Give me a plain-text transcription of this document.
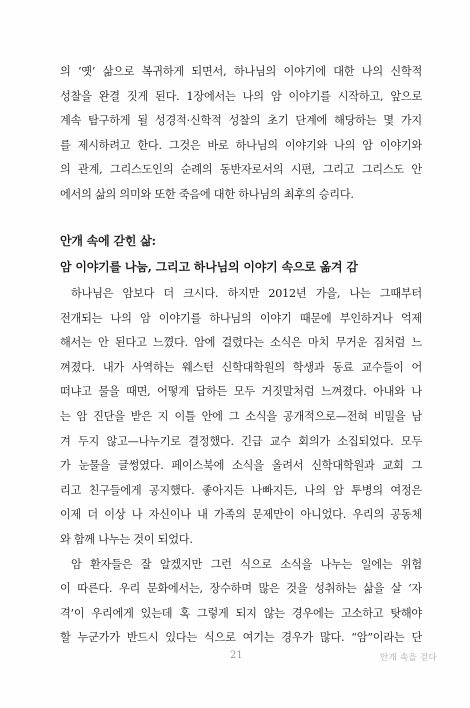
의 ‘옛’ 삶으로 복귀하게 되면서, 하나님의 이야기에 대한 나의 신학적
성찰을 완결 짓게 된다. 1장에서는 나의 암 이야기를 시작하고, 앞으로
계속 탐구하게 될 성경적·신학적 성찰의 초기 단계에 해당하는 몇 가지
를 제시하려고 한다. 그것은 바로 하나님의 이야기와 나의 암 이야기와
의 관계, 그리스도인의 순례의 동반자로서의 시편, 그리고 그리스도 안
에서의 삶의 의미와 또한 죽음에 대한 하나님의 최후의 승리다.
안개 속에 갇힌 삶:
암 이야기를 나눔, 그리고 하나님의 이야기 속으로 옮겨 감
하나님은 암보다 더 크시다. 하지만 2012년 가을, 나는 그때부터
전개되는 나의 암 이야기를 하나님의 이야기 때문에 부인하거나 억제
해서는 안 된다고 느꼈다. 암에 걸렸다는 소식은 마치 무거운 짐처럼 느
껴졌다. 내가 사역하는 웨스턴 신학대학원의 학생과 동료 교수들이 어
떠냐고 물을 때면, 어떻게 답하든 모두 거짓말처럼 느껴졌다. 아내와 나
는 암 진단을 받은 지 이틀 안에 그 소식을 공개적으로—전혀 비밀을 남
겨 두지 않고—나누기로 결정했다. 긴급 교수 회의가 소집되었다. 모두
가 눈물을 글썽였다. 페이스북에 소식을 올려서 신학대학원과 교회 그
리고 친구들에게 공지했다. 좋아지든 나빠지든, 나의 암 투병의 여정은
이제 더 이상 나 자신이나 내 가족의 문제만이 아니었다. 우리의 공동체
와 함께 나누는 것이 되었다.
암 환자들은 잘 알겠지만 그런 식으로 소식을 나누는 일에는 위험
이 따른다. 우리 문화에서는, 장수하며 많은 것을 성취하는 삶을 살 ‘자
격’이 우리에게 있는데 혹 그렇게 되지 않는 경우에는 고소하고 탓해야
할 누군가가 반드시 있다는 식으로 여기는 경우가 많다. “암”이라는 단
21	안개 속을 걷다
